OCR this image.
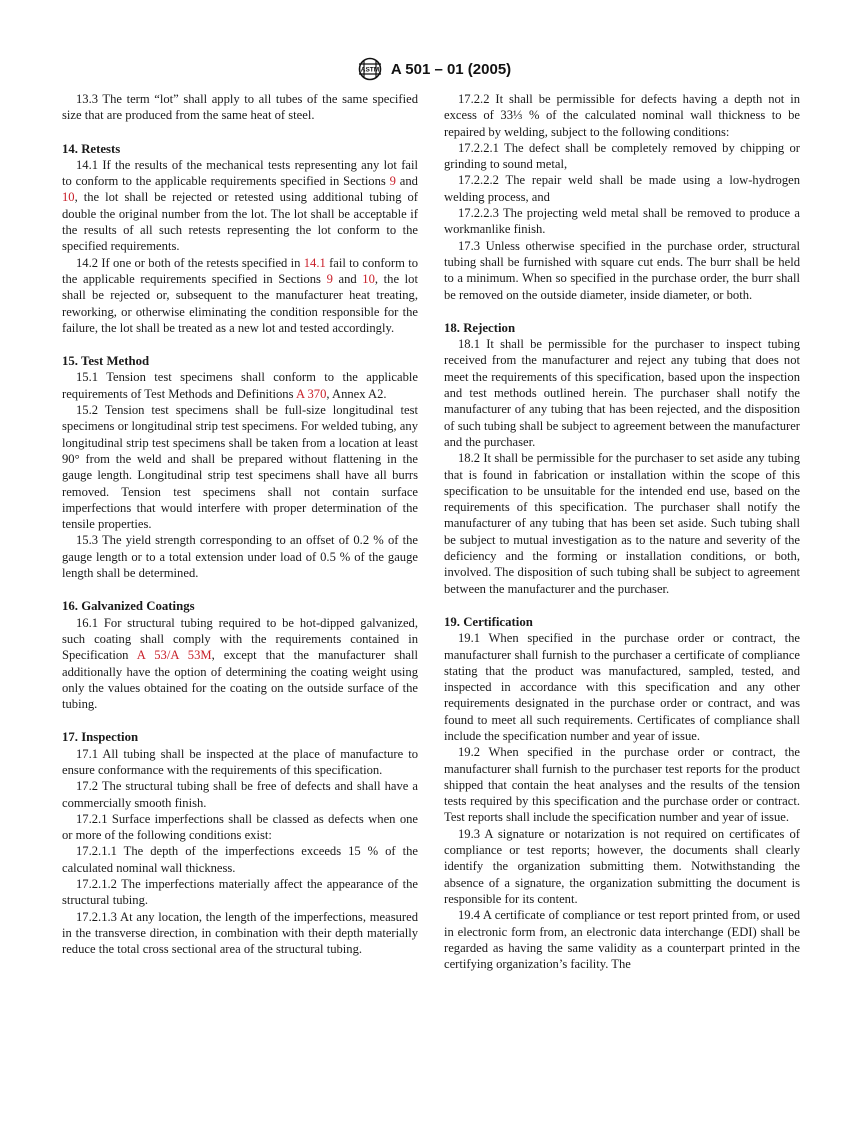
ASTM A 501 – 01 (2005)

13.3 The term “lot” shall apply to all tubes of the same specified size that are produced from the same heat of steel.

14. Retests

14.1 If the results of the mechanical tests representing any lot fail to conform to the applicable requirements specified in Sections 9 and 10, the lot shall be rejected or retested using additional tubing of double the original number from the lot. The lot shall be acceptable if the results of all such retests representing the lot conform to the specified requirements.

14.2 If one or both of the retests specified in 14.1 fail to conform to the applicable requirements specified in Sections 9 and 10, the lot shall be rejected or, subsequent to the manufacturer heat treating, reworking, or otherwise eliminating the condition responsible for the failure, the lot shall be treated as a new lot and tested accordingly.

15. Test Method

15.1 Tension test specimens shall conform to the applicable requirements of Test Methods and Definitions A 370, Annex A2.

15.2 Tension test specimens shall be full-size longitudinal test specimens or longitudinal strip test specimens. For welded tubing, any longitudinal strip test specimens shall be taken from a location at least 90° from the weld and shall be prepared without flattening in the gauge length. Longitudinal strip test specimens shall have all burrs removed. Tension test specimens shall not contain surface imperfections that would interfere with proper determination of the tensile properties.

15.3 The yield strength corresponding to an offset of 0.2 % of the gauge length or to a total extension under load of 0.5 % of the gauge length shall be determined.

16. Galvanized Coatings

16.1 For structural tubing required to be hot-dipped galvanized, such coating shall comply with the requirements contained in Specification A 53/A 53M, except that the manufacturer shall additionally have the option of determining the coating weight using only the values obtained for the coating on the outside surface of the tubing.

17. Inspection

17.1 All tubing shall be inspected at the place of manufacture to ensure conformance with the requirements of this specification.

17.2 The structural tubing shall be free of defects and shall have a commercially smooth finish.

17.2.1 Surface imperfections shall be classed as defects when one or more of the following conditions exist:

17.2.1.1 The depth of the imperfections exceeds 15 % of the calculated nominal wall thickness.

17.2.1.2 The imperfections materially affect the appearance of the structural tubing.

17.2.1.3 At any location, the length of the imperfections, measured in the transverse direction, in combination with their depth materially reduce the total cross sectional area of the structural tubing.

17.2.2 It shall be permissible for defects having a depth not in excess of 33⅓ % of the calculated nominal wall thickness to be repaired by welding, subject to the following conditions:

17.2.2.1 The defect shall be completely removed by chipping or grinding to sound metal,

17.2.2.2 The repair weld shall be made using a low-hydrogen welding process, and

17.2.2.3 The projecting weld metal shall be removed to produce a workmanlike finish.

17.3 Unless otherwise specified in the purchase order, structural tubing shall be furnished with square cut ends. The burr shall be held to a minimum. When so specified in the purchase order, the burr shall be removed on the outside diameter, inside diameter, or both.

18. Rejection

18.1 It shall be permissible for the purchaser to inspect tubing received from the manufacturer and reject any tubing that does not meet the requirements of this specification, based upon the inspection and test methods outlined herein. The purchaser shall notify the manufacturer of any tubing that has been rejected, and the disposition of such tubing shall be subject to agreement between the manufacturer and the purchaser.

18.2 It shall be permissible for the purchaser to set aside any tubing that is found in fabrication or installation within the scope of this specification to be unsuitable for the intended end use, based on the requirements of this specification. The purchaser shall notify the manufacturer of any tubing that has been set aside. Such tubing shall be subject to mutual investigation as to the nature and severity of the deficiency and the forming or installation conditions, or both, involved. The disposition of such tubing shall be subject to agreement between the manufacturer and the purchaser.

19. Certification

19.1 When specified in the purchase order or contract, the manufacturer shall furnish to the purchaser a certificate of compliance stating that the product was manufactured, sampled, tested, and inspected in accordance with this specification and any other requirements designated in the purchase order or contract, and was found to meet all such requirements. Certificates of compliance shall include the specification number and year of issue.

19.2 When specified in the purchase order or contract, the manufacturer shall furnish to the purchaser test reports for the product shipped that contain the heat analyses and the results of the tension tests required by this specification and the purchase order or contract. Test reports shall include the specification number and year of issue.

19.3 A signature or notarization is not required on certificates of compliance or test reports; however, the documents shall clearly identify the organization submitting them. Notwithstanding the absence of a signature, the organization submitting the document is responsible for its content.

19.4 A certificate of compliance or test report printed from, or used in electronic form from, an electronic data interchange (EDI) shall be regarded as having the same validity as a counterpart printed in the certifying organization’s facility. The
